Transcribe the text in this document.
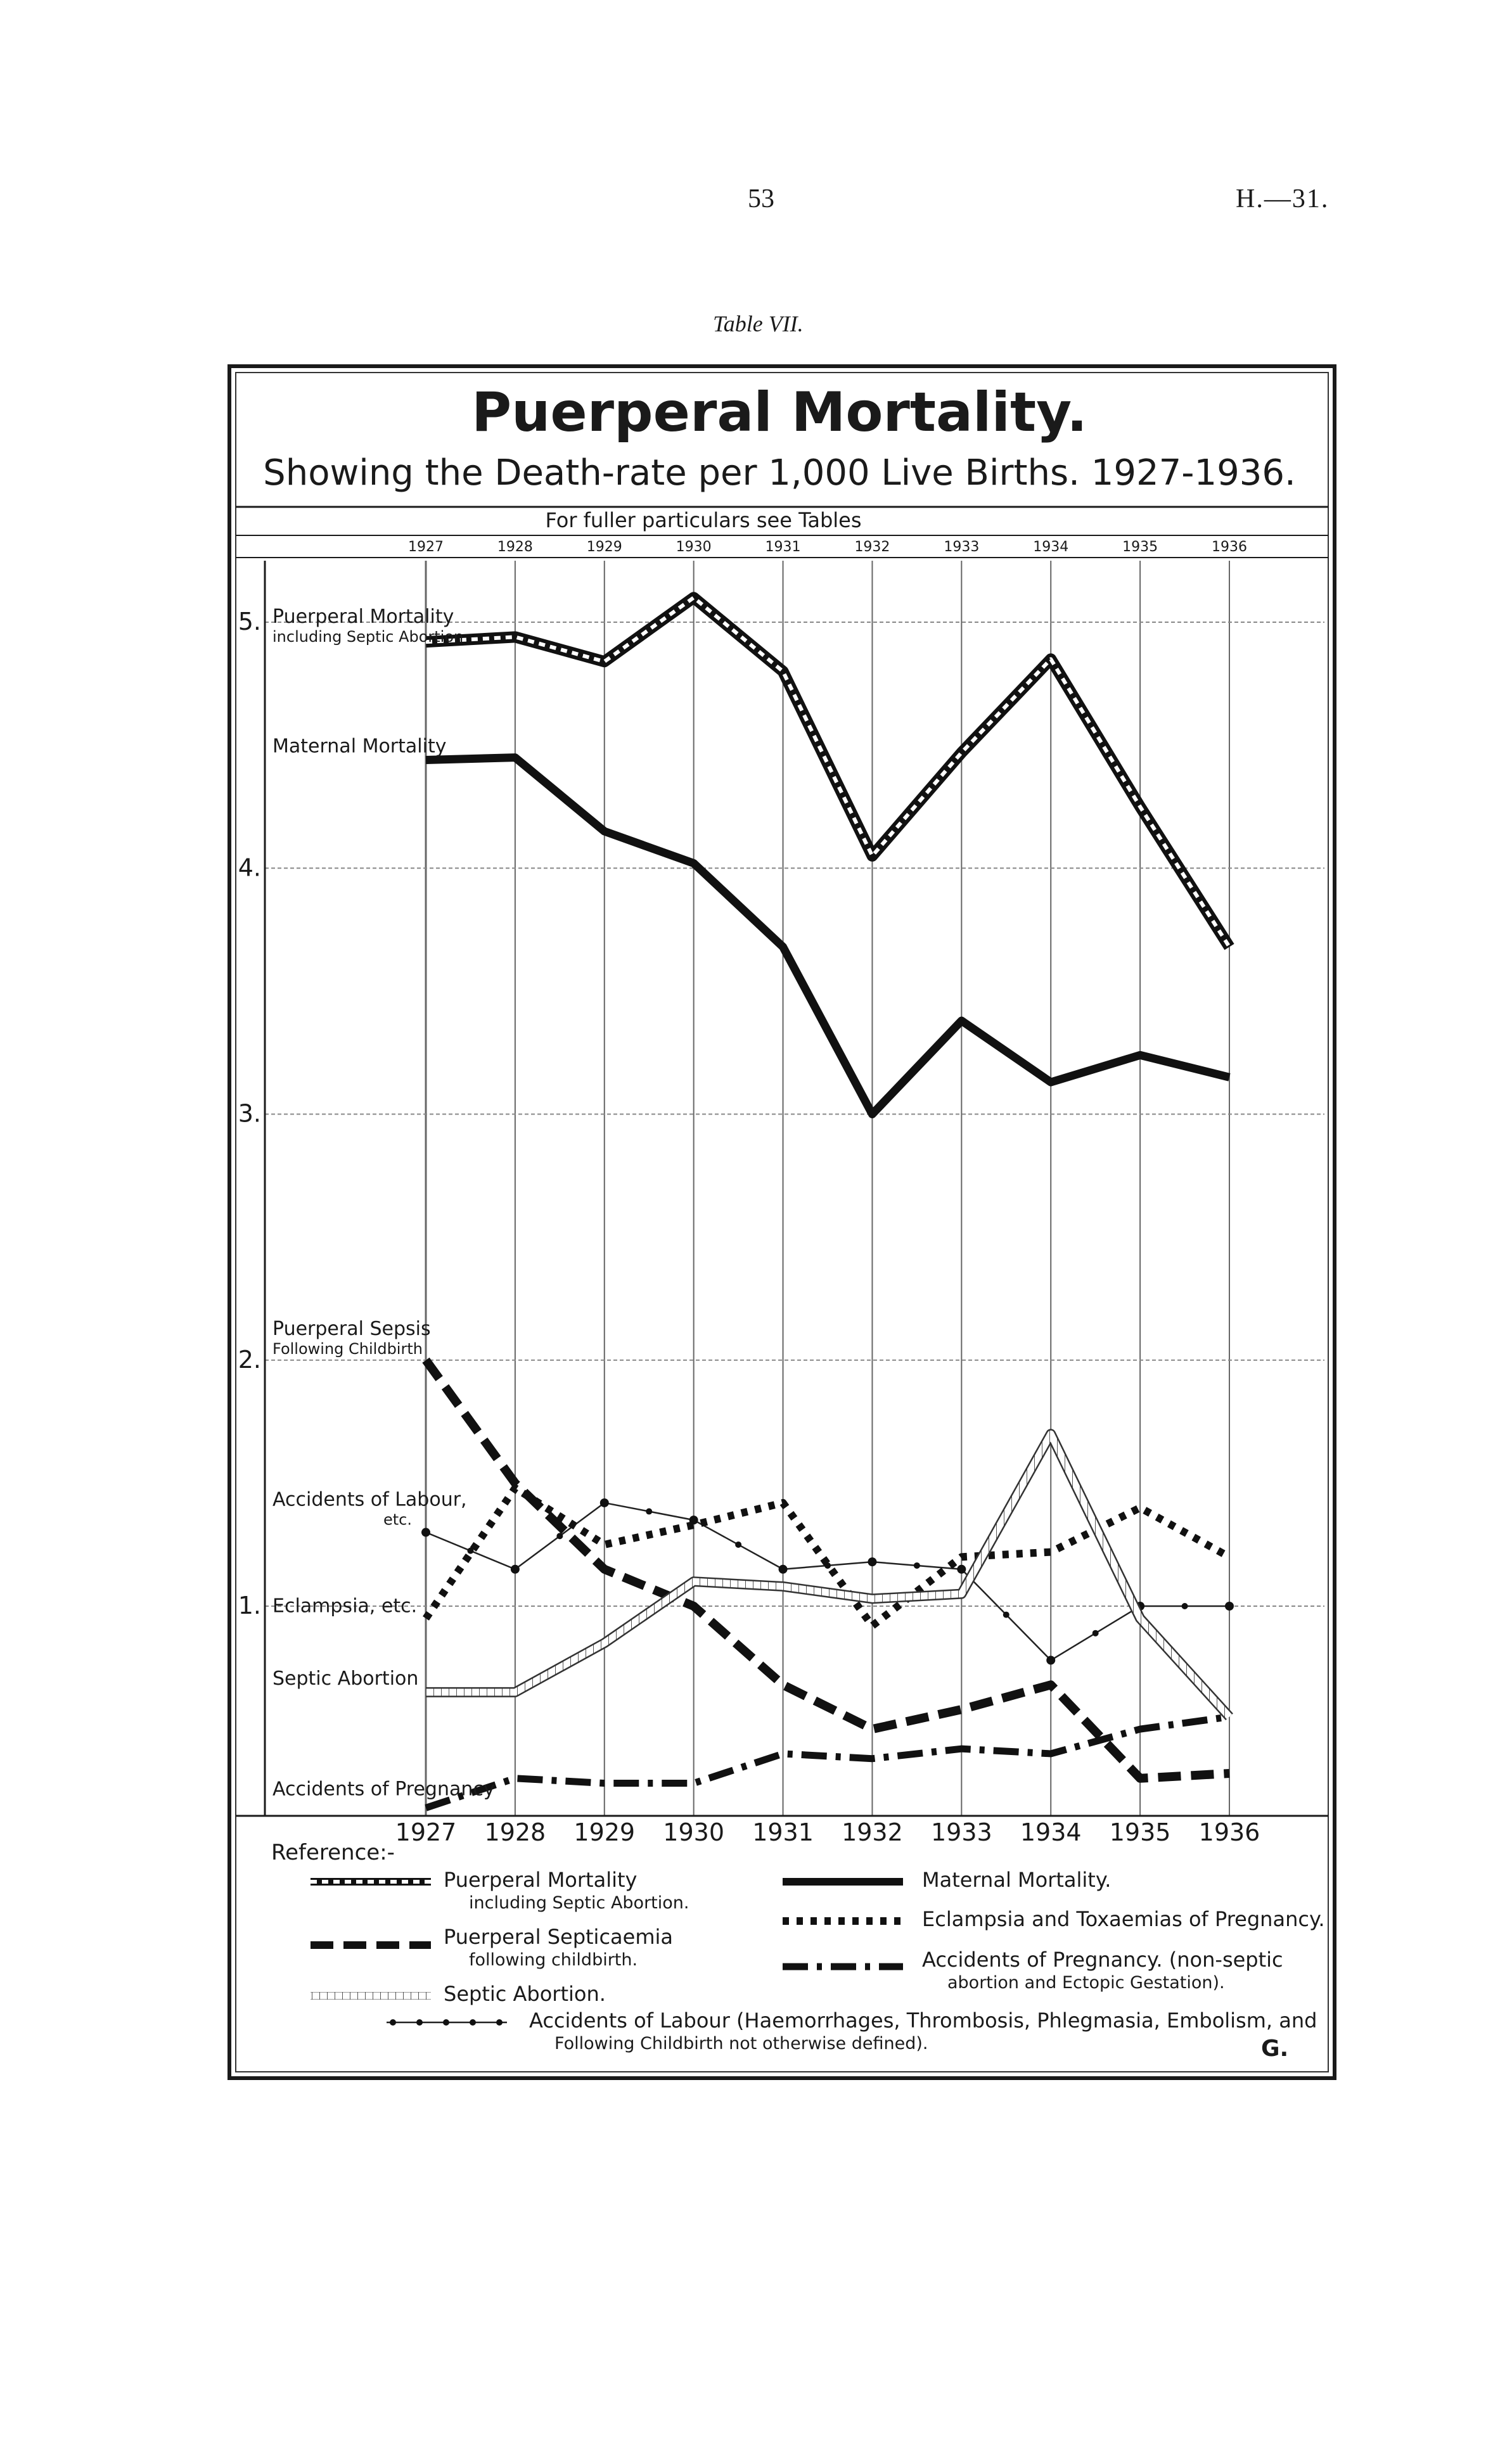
53	H.—31.
Table VII.
Puerperal Mortality.
Showing the Death-rate per 1,000 Live Births. 1927-1936.
For fuller particulars see Tables
1927	1928	1929	1930	1931	1932	1933	1934	1935	1936
1.
2.
3.
4.
5. Puerperal Mortality
including Septic Abortion
Maternal Mortality
Puerperal Sepsis
Following Childbirth
Accidents of Labour,
etc.
Eclampsia, etc.
Septic Abortion
Accidents of Pregnancy
1927 1928 1929 1930 1931 1932 1933 1934 1935 1936
Reference:-
Puerperal Mortality
including Septic Abortion.
Maternal Mortality.
Puerperal Septicaemia
following childbirth.
Eclampsia and Toxaemias of Pregnancy.
Septic Abortion.
Accidents of Pregnancy. (non-septic
abortion and Ectopic Gestation).
Accidents of Labour (Haemorrhages, Thrombosis, Phlegmasia, Embolism, and
Following Childbirth not otherwise defined).	G.
